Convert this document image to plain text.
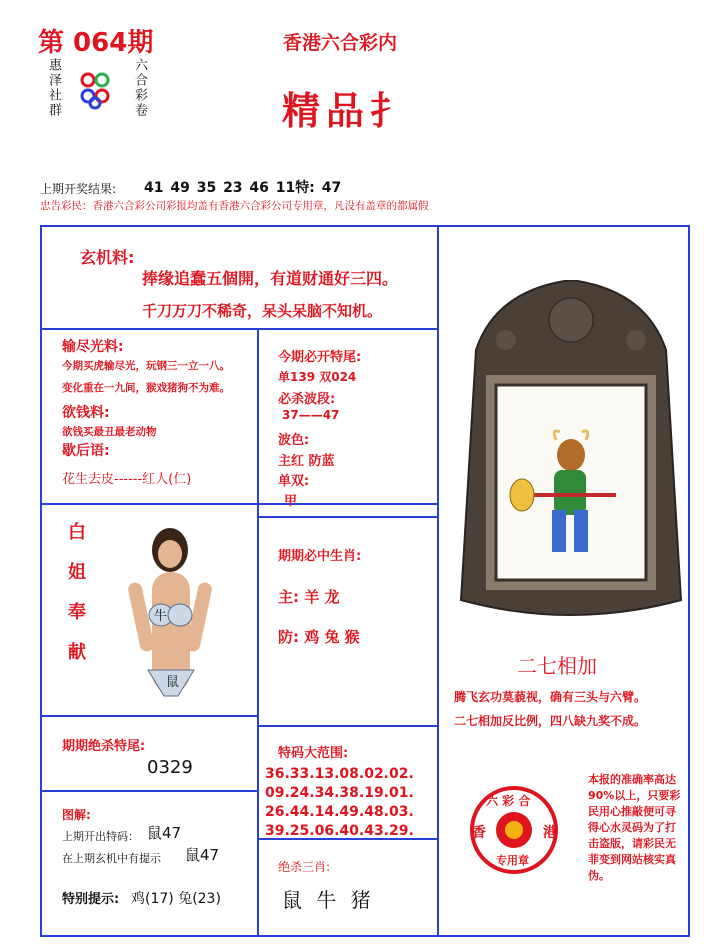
第 064期
惠泽社群	六合彩卷
香港六合彩内
精品扌
上期开奖结果: 41 49 35 23 46 11特: 47
忠告彩民：香港六合彩公司彩报均盖有香港六合彩公司专用章，凡没有盖章的都属假
玄机料:
捧缘追蠢五個開，有道财通好三四。
千刀万刀不稀奇，呆头呆脑不知机。
输尽光料:
今期买虎输尽光，玩钢三一立一八。
变化重在一九间，猴戏猪狗不为难。
欲钱料:
欲钱买最丑最老动物
歇后语:
花生去皮------红人(仁)
今期必开特尾:
单139 双024
必杀波段:
37——47
波色:
主红 防蓝
单双:
甲
白姐奉献	牛
鼠
期期必中生肖:
主: 羊 龙
防: 鸡 兔 猴
二七相加
腾飞玄功莫藐视，确有三头与六臂。
二七相加反比例，四八缺九奖不成。
期期绝杀特尾:
0329
特码大范围:
36.33.13.08.02.02.
09.24.34.38.19.01.
26.44.14.49.48.03.
39.25.06.40.43.29.
图解:
上期开出特码： 鼠47
在上期玄机中有提示 鼠47
特别提示: 鸡(17) 兔(23)
绝杀三肖:
鼠 牛 猪
六 彩 合
香	港
专用章
本报的准确率高达90%以上，只要彩民用心推敲便可寻得心水灵码为了打击盗版，请彩民无菲变到网站核实真伪。
